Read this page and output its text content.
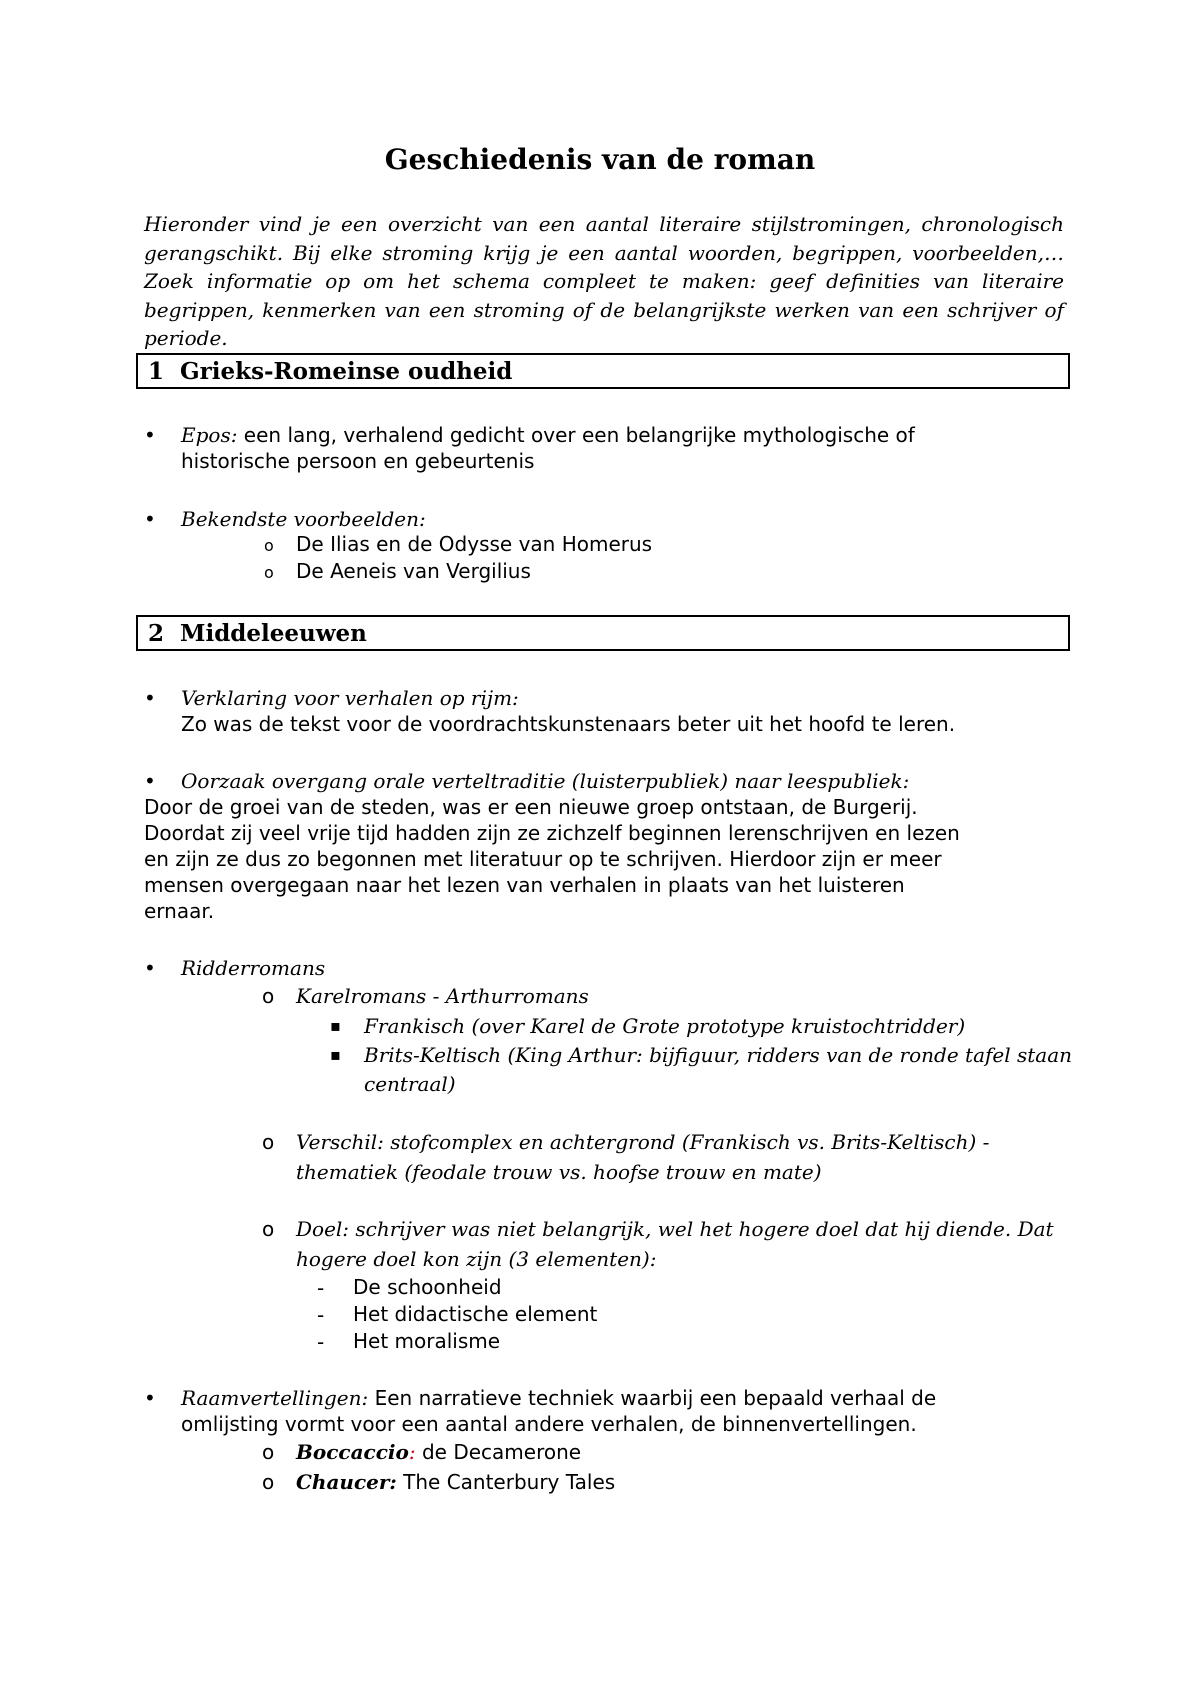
Geschiedenis van de roman
Hieronder vind je een overzicht van een aantal literaire stijlstromingen, chronologisch gerangschikt. Bij elke stroming krijg je een aantal woorden, begrippen, voorbeelden,… Zoek informatie op om het schema compleet te maken: geef definities van literaire begrippen, kenmerken van een stroming of de belangrijkste werken van een schrijver of periode.
1 Grieks-Romeinse oudheid
• Epos: een lang, verhalend gedicht over een belangrijke mythologische of
historische persoon en gebeurtenis
• Bekendste voorbeelden:
o De Ilias en de Odysse van Homerus
o De Aeneis van Vergilius
2 Middeleeuwen
• Verklaring voor verhalen op rijm:
Zo was de tekst voor de voordrachtskunstenaars beter uit het hoofd te leren.
• Oorzaak overgang orale verteltraditie (luisterpubliek) naar leespubliek:
Door de groei van de steden, was er een nieuwe groep ontstaan, de Burgerij.
Doordat zij veel vrije tijd hadden zijn ze zichzelf beginnen lerenschrijven en lezen
en zijn ze dus zo begonnen met literatuur op te schrijven. Hierdoor zijn er meer
mensen overgegaan naar het lezen van verhalen in plaats van het luisteren
ernaar.
• Ridderromans
o Karelromans - Arthurromans
▪ Frankisch (over Karel de Grote prototype kruistochtridder)
▪ Brits-Keltisch (King Arthur: bijfiguur, ridders van de ronde tafel staan
centraal)
o Verschil: stofcomplex en achtergrond (Frankisch vs. Brits-Keltisch) -
thematiek (feodale trouw vs. hoofse trouw en mate)
o Doel: schrijver was niet belangrijk, wel het hogere doel dat hij diende. Dat
hogere doel kon zijn (3 elementen):
- De schoonheid
- Het didactische element
- Het moralisme
• Raamvertellingen: Een narratieve techniek waarbij een bepaald verhaal de
omlijsting vormt voor een aantal andere verhalen, de binnenvertellingen.
o Boccaccio: de Decamerone
o Chaucer: The Canterbury Tales
